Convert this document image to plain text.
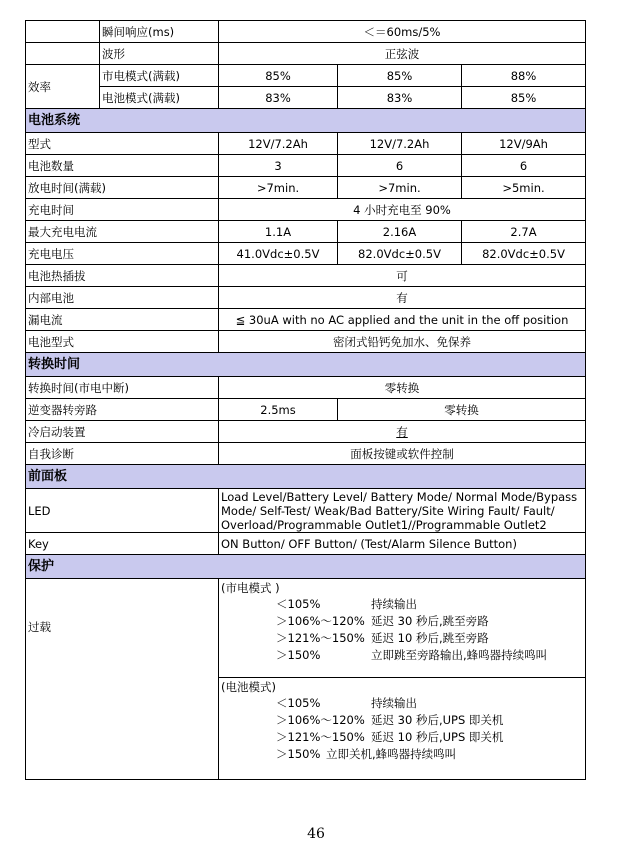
	瞬间响应(ms)	＜＝60ms/5%		
	波形	正弦波		
效率	市电模式(满载)	85%	85%	88%
	电池模式(满载)	83%	83%	85%
电池系统				
型式		12V/7.2Ah	12V/7.2Ah	12V/9Ah
电池数量		3	6	6
放电时间(满载)		>7min.	>7min.	>5min.
充电时间		4 小时充电至 90%		
最大充电电流		1.1A	2.16A	2.7A
充电电压		41.0Vdc±0.5V	82.0Vdc±0.5V	82.0Vdc±0.5V
电池热插拔		可		
内部电池		有		
漏电流		≦ 30uA with no AC applied and the unit in the off position		
电池型式		密闭式铅钙免加水、免保养		
转换时间				
转换时间(市电中断)		零转换		
逆变器转旁路		2.5ms	零转换	
冷启动装置		有		
自我诊断		面板按键或软件控制		
前面板				
LED		Load Level/Battery Level/ Battery Mode/ Normal Mode/Bypass
Mode/ Self-Test/ Weak/Bad Battery/Site Wiring Fault/ Fault/
Overload/Programmable Outlet1//Programmable Outlet2		

Key		ON Button/ OFF Button/ (Test/Alarm Silence Button)		
保护				
过载		(市电模式 )
＜105% 持续输出
＞106%～120% 延迟 30 秒后,跳至旁路
＞121%～150% 延迟 10 秒后,跳至旁路
＞150% 立即跳至旁路输出,蜂鸣器持续鸣叫		

		(电池模式)
＜105% 持续输出
＞106%～120% 延迟 30 秒后,UPS 即关机
＞121%～150% 延迟 10 秒后,UPS 即关机
＞150% 立即关机,蜂鸣器持续鸣叫		
46
